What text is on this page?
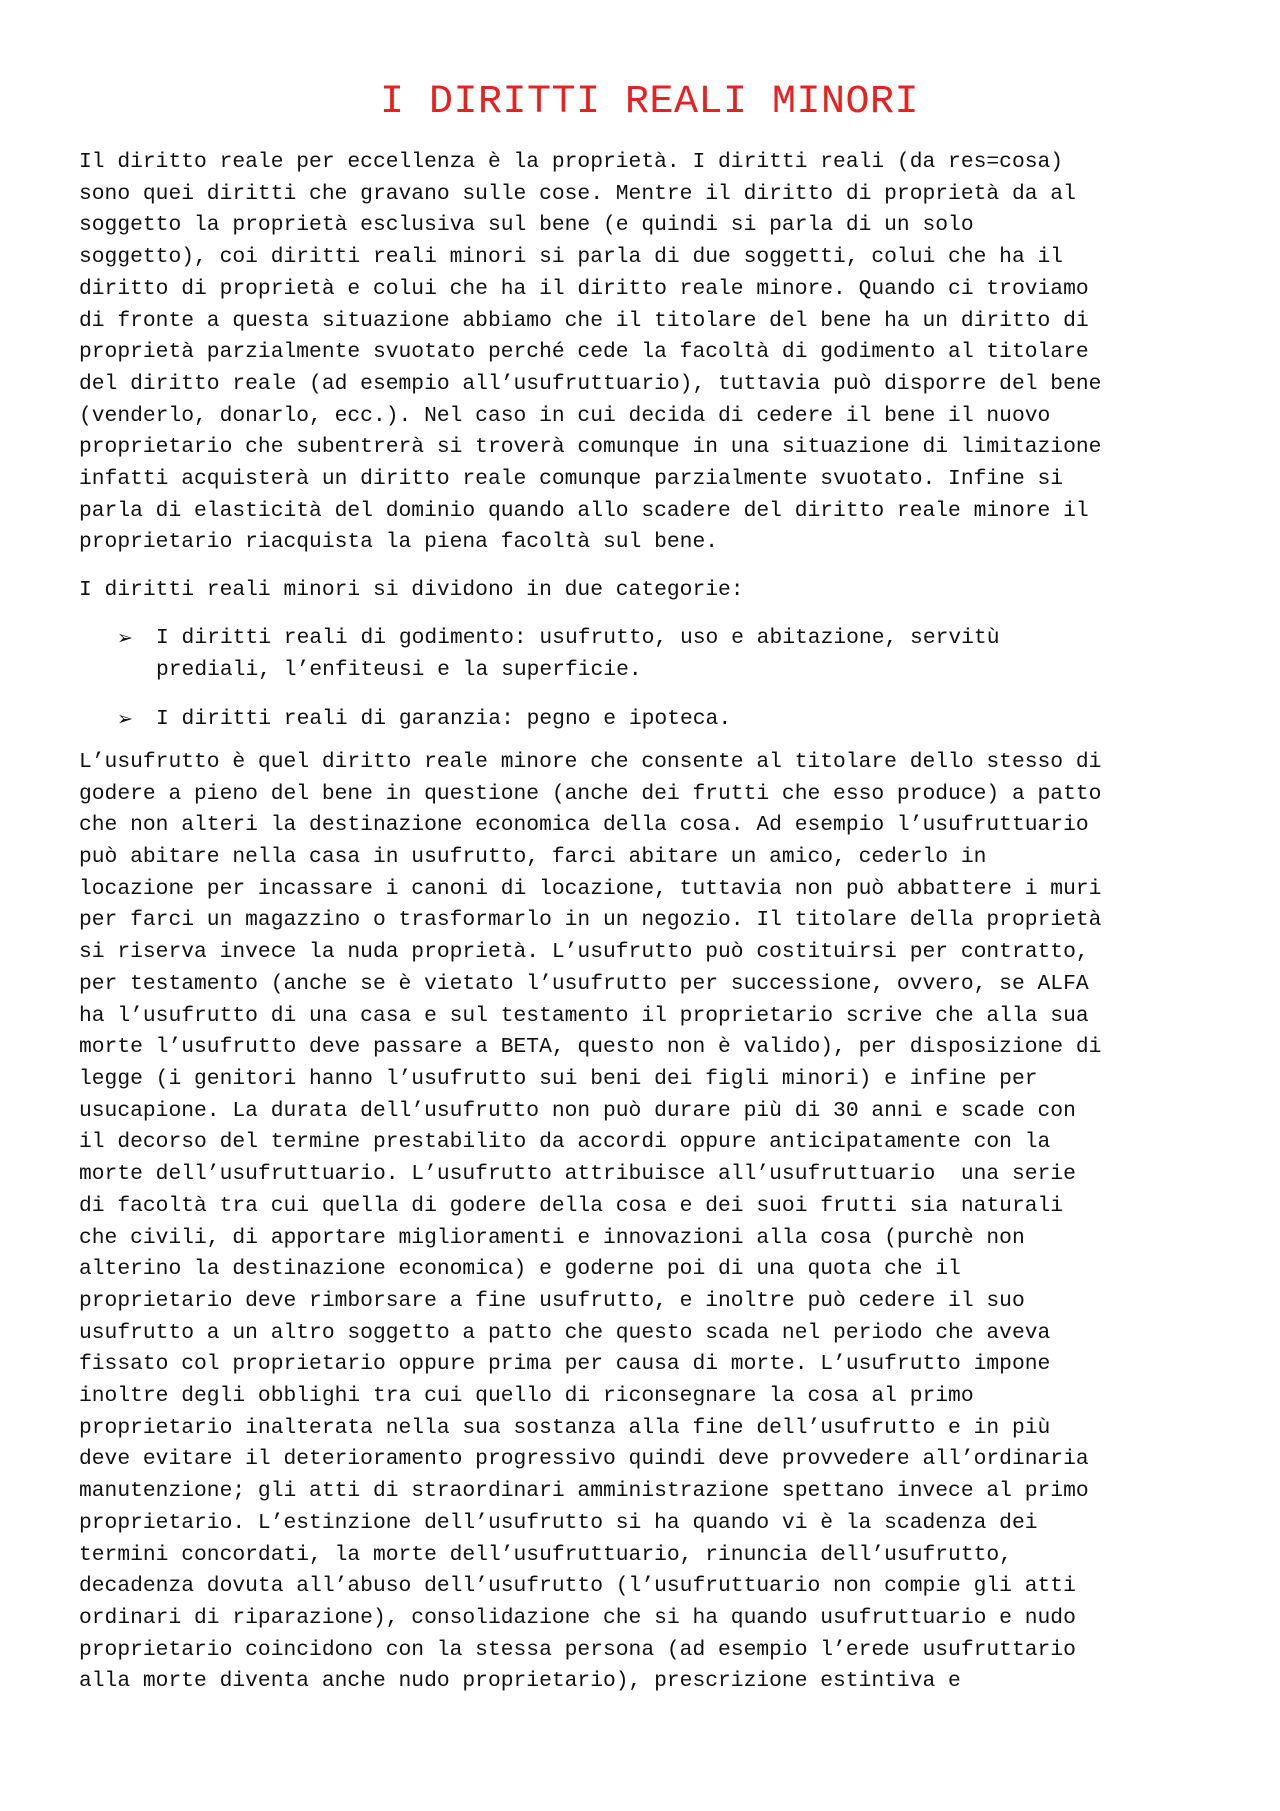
I DIRITTI REALI MINORI

Il diritto reale per eccellenza è la proprietà. I diritti reali (da res=cosa)

sono quei diritti che gravano sulle cose. Mentre il diritto di proprietà da al

soggetto la proprietà esclusiva sul bene (e quindi si parla di un solo

soggetto), coi diritti reali minori si parla di due soggetti, colui che ha il

diritto di proprietà e colui che ha il diritto reale minore. Quando ci troviamo

di fronte a questa situazione abbiamo che il titolare del bene ha un diritto di

proprietà parzialmente svuotato perché cede la facoltà di godimento al titolare

del diritto reale (ad esempio all’usufruttuario), tuttavia può disporre del bene

(venderlo, donarlo, ecc.). Nel caso in cui decida di cedere il bene il nuovo

proprietario che subentrerà si troverà comunque in una situazione di limitazione

infatti acquisterà un diritto reale comunque parzialmente svuotato. Infine si

parla di elasticità del dominio quando allo scadere del diritto reale minore il

proprietario riacquista la piena facoltà sul bene.

I diritti reali minori si dividono in due categorie:

➢ I diritti reali di godimento: usufrutto, uso e abitazione, servitù

prediali, l’enfiteusi e la superficie.

➢ I diritti reali di garanzia: pegno e ipoteca.

L’usufrutto è quel diritto reale minore che consente al titolare dello stesso di

godere a pieno del bene in questione (anche dei frutti che esso produce) a patto

che non alteri la destinazione economica della cosa. Ad esempio l’usufruttuario

può abitare nella casa in usufrutto, farci abitare un amico, cederlo in

locazione per incassare i canoni di locazione, tuttavia non può abbattere i muri

per farci un magazzino o trasformarlo in un negozio. Il titolare della proprietà

si riserva invece la nuda proprietà. L’usufrutto può costituirsi per contratto,

per testamento (anche se è vietato l’usufrutto per successione, ovvero, se ALFA

ha l’usufrutto di una casa e sul testamento il proprietario scrive che alla sua

morte l’usufrutto deve passare a BETA, questo non è valido), per disposizione di

legge (i genitori hanno l’usufrutto sui beni dei figli minori) e infine per

usucapione. La durata dell’usufrutto non può durare più di 30 anni e scade con

il decorso del termine prestabilito da accordi oppure anticipatamente con la

morte dell’usufruttuario. L’usufrutto attribuisce all’usufruttuario  una serie

di facoltà tra cui quella di godere della cosa e dei suoi frutti sia naturali

che civili, di apportare miglioramenti e innovazioni alla cosa (purchè non

alterino la destinazione economica) e goderne poi di una quota che il

proprietario deve rimborsare a fine usufrutto, e inoltre può cedere il suo

usufrutto a un altro soggetto a patto che questo scada nel periodo che aveva

fissato col proprietario oppure prima per causa di morte. L’usufrutto impone

inoltre degli obblighi tra cui quello di riconsegnare la cosa al primo

proprietario inalterata nella sua sostanza alla fine dell’usufrutto e in più

deve evitare il deterioramento progressivo quindi deve provvedere all’ordinaria

manutenzione; gli atti di straordinari amministrazione spettano invece al primo

proprietario. L’estinzione dell’usufrutto si ha quando vi è la scadenza dei

termini concordati, la morte dell’usufruttuario, rinuncia dell’usufrutto,

decadenza dovuta all’abuso dell’usufrutto (l’usufruttuario non compie gli atti

ordinari di riparazione), consolidazione che si ha quando usufruttuario e nudo

proprietario coincidono con la stessa persona (ad esempio l’erede usufruttario

alla morte diventa anche nudo proprietario), prescrizione estintiva e
